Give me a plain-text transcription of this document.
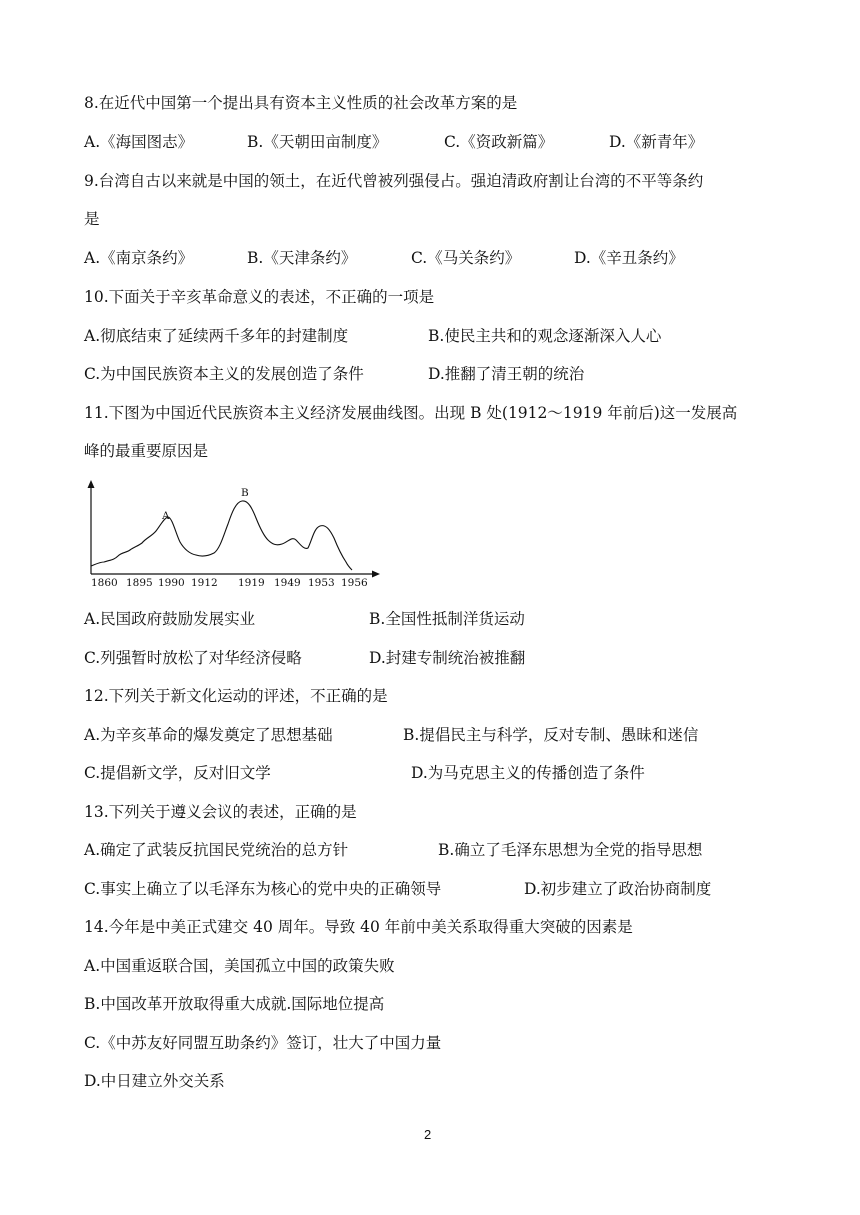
8.在近代中国第一个提出具有资本主义性质的社会改革方案的是
A.《海国图志》	B.《天朝田亩制度》	C.《资政新篇》	D.《新青年》
9.台湾自古以来就是中国的领土，在近代曾被列强侵占。强迫清政府割让台湾的不平等条约
是
A.《南京条约》	B.《天津条约》	C.《马关条约》	D.《辛丑条约》
10.下面关于辛亥革命意义的表述，不正确的一项是
A.彻底结束了延续两千多年的封建制度	B.使民主共和的观念逐渐深入人心
C.为中国民族资本主义的发展创造了条件	D.推翻了清王朝的统治
11.下图为中国近代民族资本主义经济发展曲线图。出现 B 处(1912～1919 年前后)这一发展高
峰的最重要原因是
A
B
1860 1895 1990 1912 1919 1949 1953 1956
A.民国政府鼓励发展实业	B.全国性抵制洋货运动
C.列强暂时放松了对华经济侵略	D.封建专制统治被推翻
12.下列关于新文化运动的评述，不正确的是
A.为辛亥革命的爆发奠定了思想基础	B.提倡民主与科学，反对专制、愚昧和迷信
C.提倡新文学，反对旧文学	D.为马克思主义的传播创造了条件
13.下列关于遵义会议的表述，正确的是
A.确定了武装反抗国民党统治的总方针	B.确立了毛泽东思想为全党的指导思想
C.事实上确立了以毛泽东为核心的党中央的正确领导	D.初步建立了政治协商制度
14.今年是中美正式建交 40 周年。导致 40 年前中美关系取得重大突破的因素是
A.中国重返联合国，美国孤立中国的政策失败
B.中国改革开放取得重大成就.国际地位提高
C.《中苏友好同盟互助条约》签订，壮大了中国力量
D.中日建立外交关系
2
